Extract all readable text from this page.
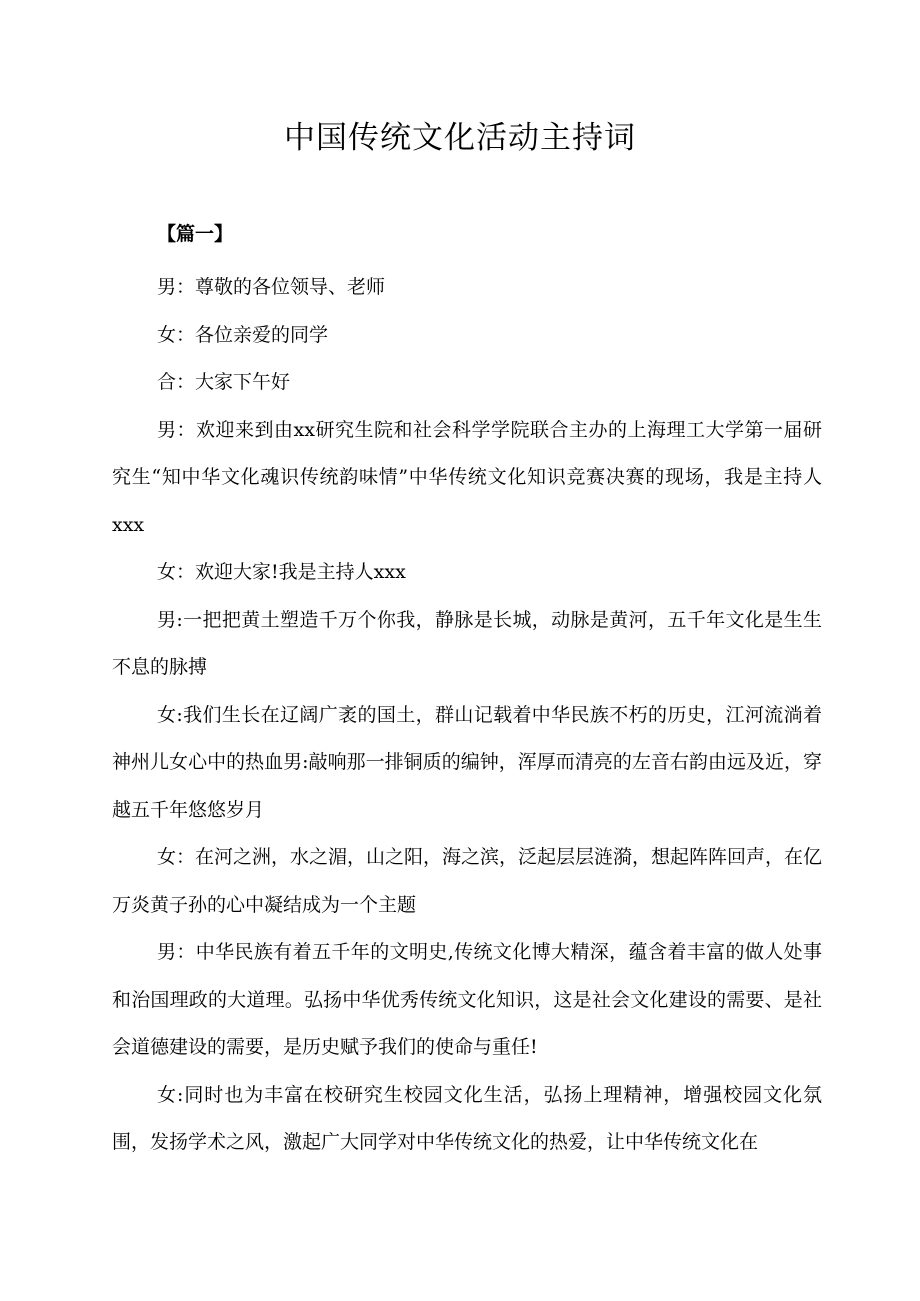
中国传统文化活动主持词
【篇一】

男：尊敬的各位领导、老师

女：各位亲爱的同学

合：大家下午好

男：欢迎来到由xx研究生院和社会科学学院联合主办的上海理工大学第一届研究生“知中华文化魂识传统韵味情”中华传统文化知识竞赛决赛的现场，我是主持人xxx

女：欢迎大家!我是主持人xxx

男:一把把黄土塑造千万个你我，静脉是长城，动脉是黄河，五千年文化是生生不息的脉搏

女:我们生长在辽阔广袤的国土，群山记载着中华民族不朽的历史，江河流淌着神州儿女心中的热血男:敲响那一排铜质的编钟，浑厚而清亮的左音右韵由远及近，穿越五千年悠悠岁月

女：在河之洲，水之湄，山之阳，海之滨，泛起层层涟漪，想起阵阵回声，在亿万炎黄子孙的心中凝结成为一个主题

男：中华民族有着五千年的文明史,传统文化博大精深，蕴含着丰富的做人处事和治国理政的大道理。弘扬中华优秀传统文化知识，这是社会文化建设的需要、是社会道德建设的需要，是历史赋予我们的使命与重任!

女:同时也为丰富在校研究生校园文化生活，弘扬上理精神，增强校园文化氛围，发扬学术之风，激起广大同学对中华传统文化的热爱，让中华传统文化在
